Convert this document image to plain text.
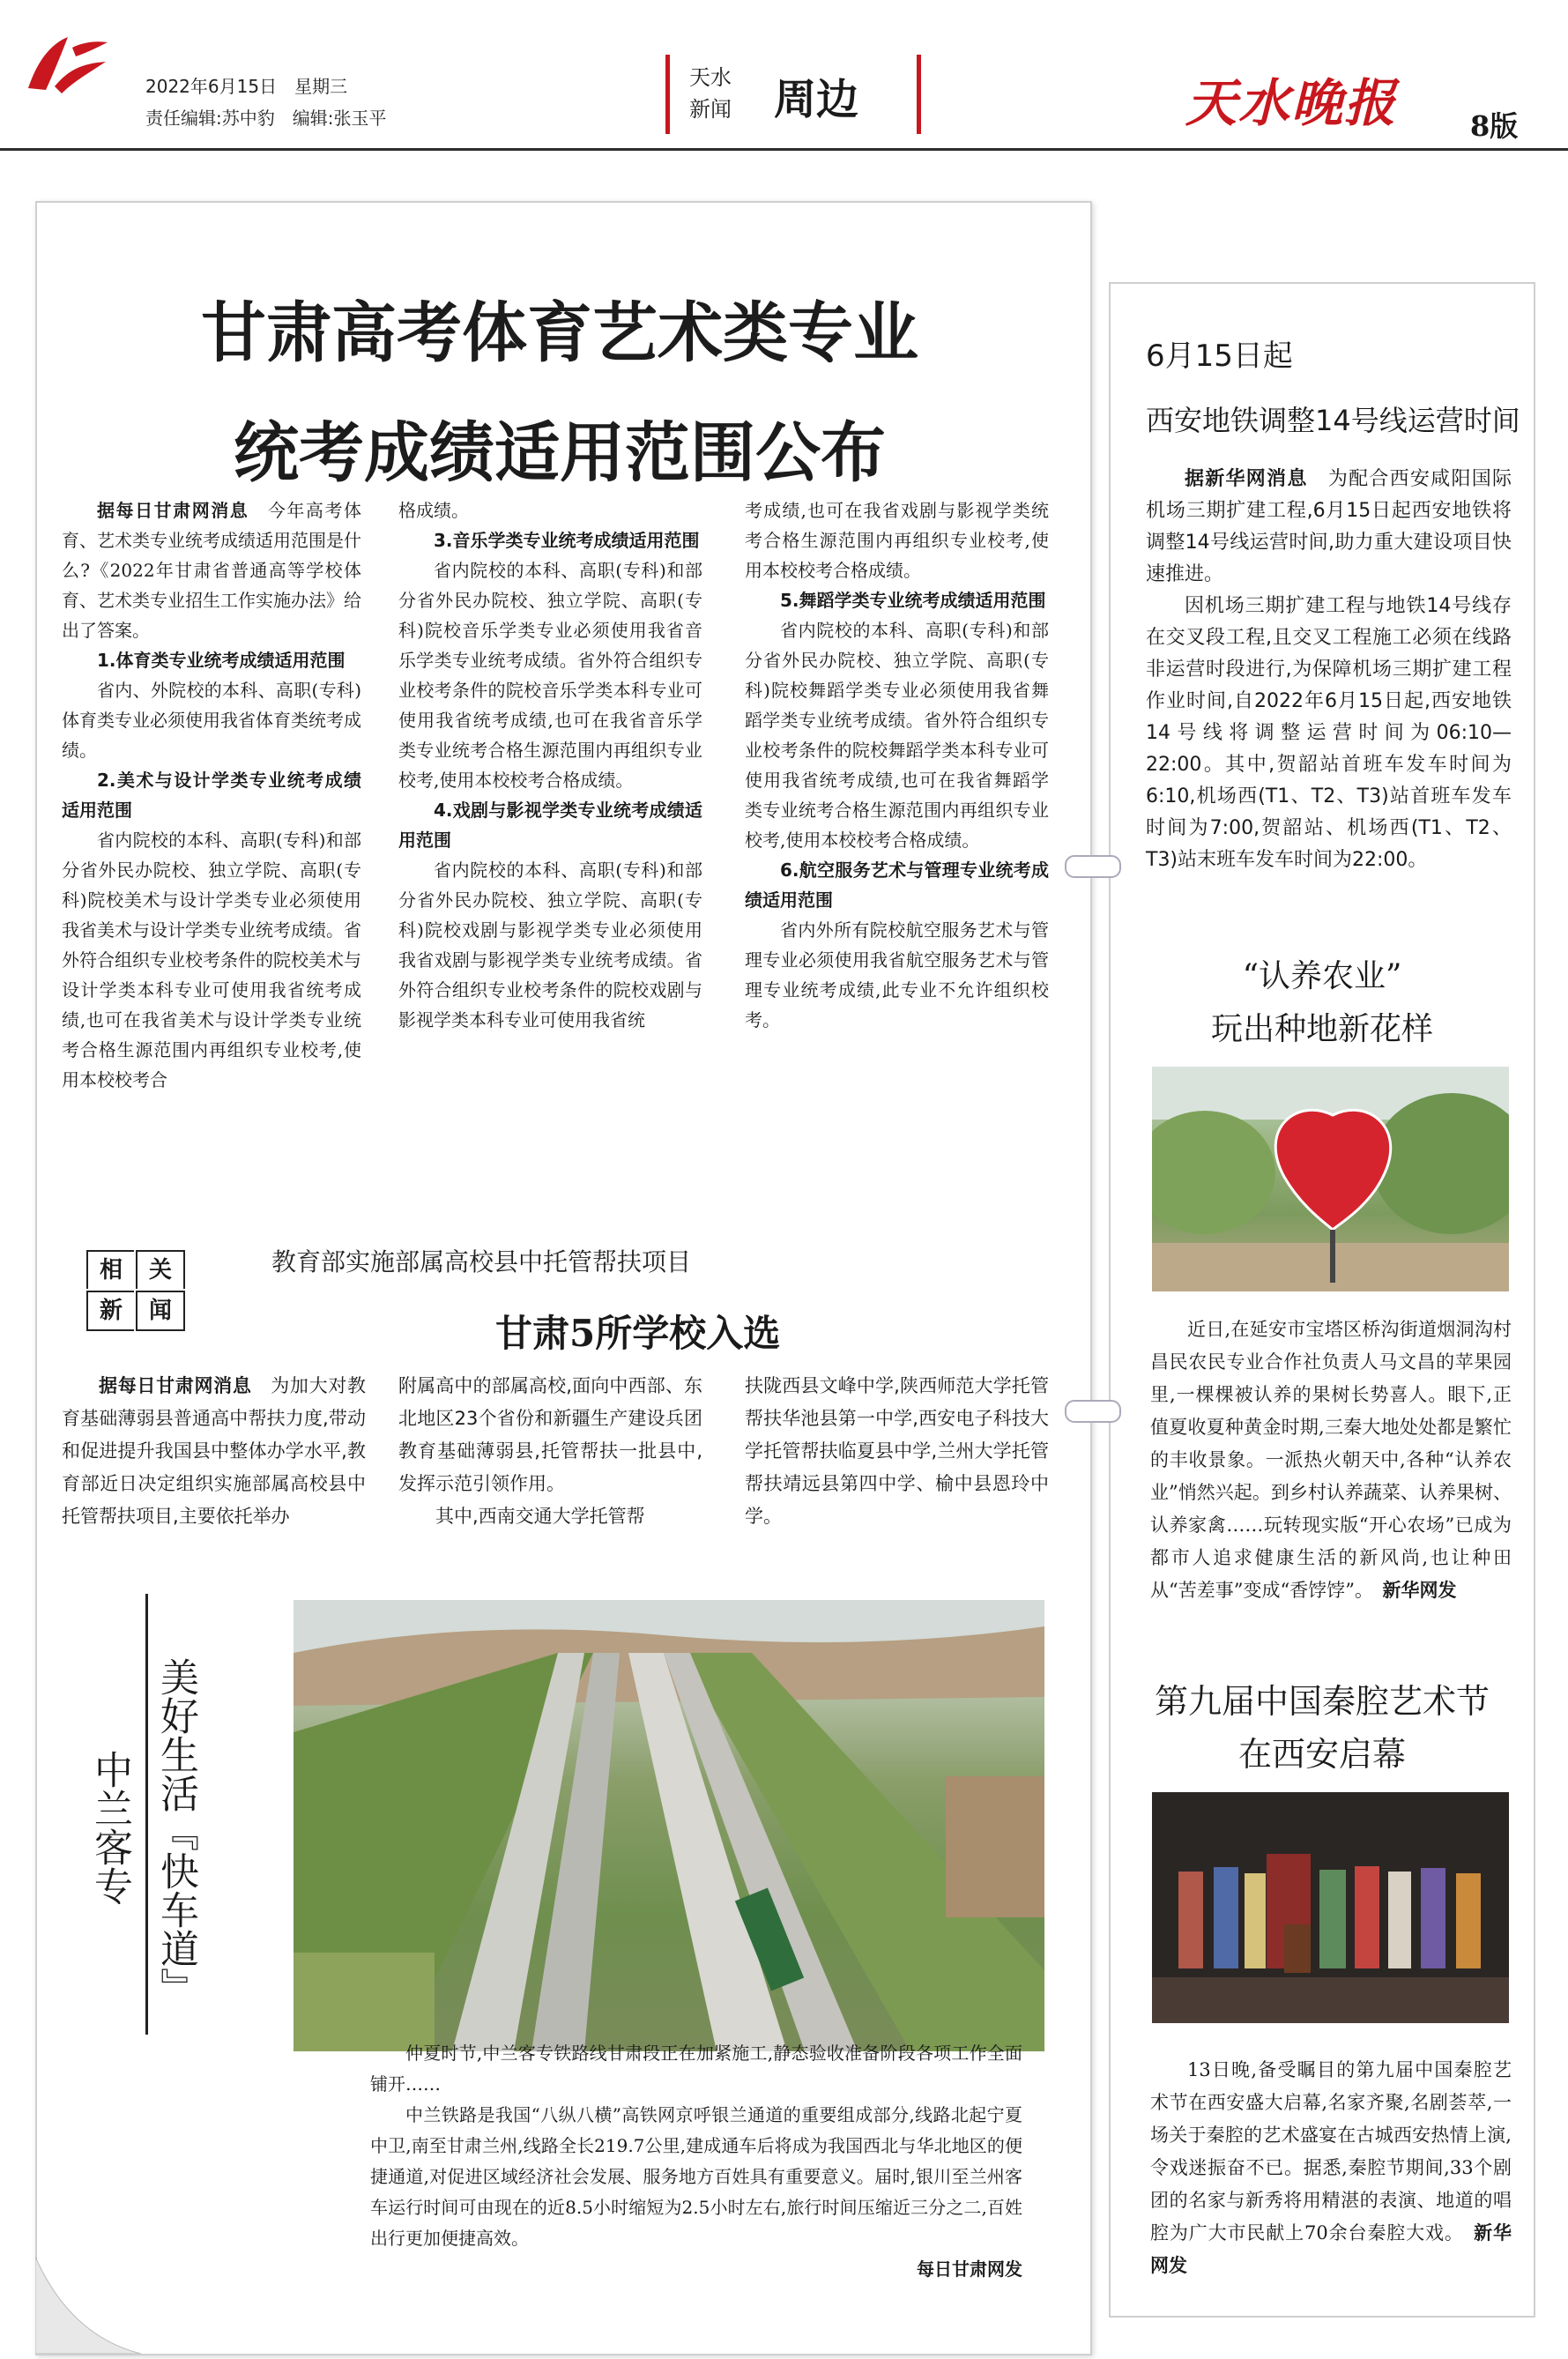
2022年6月15日　星期三
责任编辑:苏中豹　编辑:张玉平
天水
新闻 周边	天水晚报	8版
甘肃高考体育艺术类专业
统考成绩适用范围公布

据每日甘肃网消息　今年高考体育、艺术类专业统考成绩适用范围是什么?《2022年甘肃省普通高等学校体育、艺术类专业招生工作实施办法》给出了答案。

1.体育类专业统考成绩适用范围

省内、外院校的本科、高职(专科)体育类专业必须使用我省体育类统考成绩。

2.美术与设计学类专业统考成绩适用范围

省内院校的本科、高职(专科)和部分省外民办院校、独立学院、高职(专科)院校美术与设计学类专业必须使用我省美术与设计学类专业统考成绩。省外符合组织专业校考条件的院校美术与设计学类本科专业可使用我省统考成绩,也可在我省美术与设计学类专业统考合格生源范围内再组织专业校考,使用本校校考合

格成绩。

3.音乐学类专业统考成绩适用范围

省内院校的本科、高职(专科)和部分省外民办院校、独立学院、高职(专科)院校音乐学类专业必须使用我省音乐学类专业统考成绩。省外符合组织专业校考条件的院校音乐学类本科专业可使用我省统考成绩,也可在我省音乐学类专业统考合格生源范围内再组织专业校考,使用本校校考合格成绩。

4.戏剧与影视学类专业统考成绩适用范围

省内院校的本科、高职(专科)和部分省外民办院校、独立学院、高职(专科)院校戏剧与影视学类专业必须使用我省戏剧与影视学类专业统考成绩。省外符合组织专业校考条件的院校戏剧与影视学类本科专业可使用我省统

考成绩,也可在我省戏剧与影视学类统考合格生源范围内再组织专业校考,使用本校校考合格成绩。

5.舞蹈学类专业统考成绩适用范围

省内院校的本科、高职(专科)和部分省外民办院校、独立学院、高职(专科)院校舞蹈学类专业必须使用我省舞蹈学类专业统考成绩。省外符合组织专业校考条件的院校舞蹈学类本科专业可使用我省统考成绩,也可在我省舞蹈学类专业统考合格生源范围内再组织专业校考,使用本校校考合格成绩。

6.航空服务艺术与管理专业统考成绩适用范围

省内外所有院校航空服务艺术与管理专业必须使用我省航空服务艺术与管理专业统考成绩,此专业不允许组织校考。

相	关
新	闻
教育部实施部属高校县中托管帮扶项目
甘肃5所学校入选

据每日甘肃网消息　为加大对教育基础薄弱县普通高中帮扶力度,带动和促进提升我国县中整体办学水平,教育部近日决定组织实施部属高校县中托管帮扶项目,主要依托举办

附属高中的部属高校,面向中西部、东北地区23个省份和新疆生产建设兵团教育基础薄弱县,托管帮扶一批县中,发挥示范引领作用。

其中,西南交通大学托管帮

扶陇西县文峰中学,陕西师范大学托管帮扶华池县第一中学,西安电子科技大学托管帮扶临夏县中学,兰州大学托管帮扶靖远县第四中学、榆中县恩玲中学。

美好生活『快车道』
中兰客专

仲夏时节,中兰客专铁路线甘肃段正在加紧施工,静态验收准备阶段各项工作全面铺开……

中兰铁路是我国“八纵八横”高铁网京呼银兰通道的重要组成部分,线路北起宁夏中卫,南至甘肃兰州,线路全长219.7公里,建成通车后将成为我国西北与华北地区的便捷通道,对促进区域经济社会发展、服务地方百姓具有重要意义。届时,银川至兰州客车运行时间可由现在的近8.5小时缩短为2.5小时左右,旅行时间压缩近三分之二,百姓出行更加便捷高效。

每日甘肃网发
6月15日起
西安地铁调整14号线运营时间

据新华网消息　为配合西安咸阳国际机场三期扩建工程,6月15日起西安地铁将调整14号线运营时间,助力重大建设项目快速推进。

因机场三期扩建工程与地铁14号线存在交叉段工程,且交叉工程施工必须在线路非运营时段进行,为保障机场三期扩建工程作业时间,自2022年6月15日起,西安地铁14号线将调整运营时间为06:10—22:00。其中,贺韶站首班车发车时间为6:10,机场西(T1、T2、T3)站首班车发车时间为7:00,贺韶站、机场西(T1、T2、T3)站末班车发车时间为22:00。

“认养农业”
玩出种地新花样

近日,在延安市宝塔区桥沟街道烟洞沟村昌民农民专业合作社负责人马文昌的苹果园里,一棵棵被认养的果树长势喜人。眼下,正值夏收夏种黄金时期,三秦大地处处都是繁忙的丰收景象。一派热火朝天中,各种“认养农业”悄然兴起。到乡村认养蔬菜、认养果树、认养家禽……玩转现实版“开心农场”已成为都市人追求健康生活的新风尚,也让种田从“苦差事”变成“香饽饽”。　 新华网发

第九届中国秦腔艺术节
在西安启幕

13日晚,备受瞩目的第九届中国秦腔艺术节在西安盛大启幕,名家齐聚,名剧荟萃,一场关于秦腔的艺术盛宴在古城西安热情上演,令戏迷振奋不已。据悉,秦腔节期间,33个剧团的名家与新秀将用精湛的表演、地道的唱腔为广大市民献上70余台秦腔大戏。　 新华网发
